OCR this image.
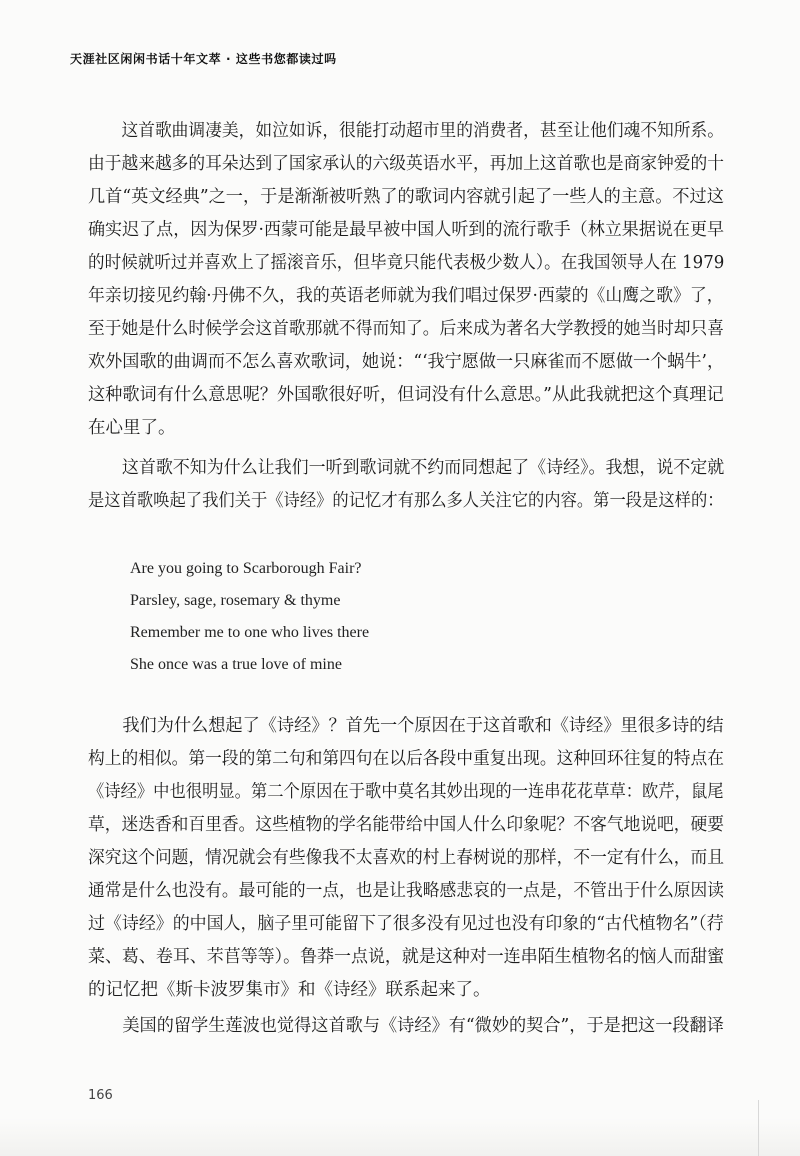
天涯社区闲闲书话十年文萃 · 这些书您都读过吗
　　这首歌曲调凄美，如泣如诉，很能打动超市里的消费者，甚至让他们魂不知所系。
由于越来越多的耳朵达到了国家承认的六级英语水平，再加上这首歌也是商家钟爱的十
几首“英文经典”之一，于是渐渐被听熟了的歌词内容就引起了一些人的主意。不过这
确实迟了点，因为保罗·西蒙可能是最早被中国人听到的流行歌手（林立果据说在更早
的时候就听过并喜欢上了摇滚音乐，但毕竟只能代表极少数人）。在我国领导人在 1979
年亲切接见约翰·丹佛不久，我的英语老师就为我们唱过保罗·西蒙的《山鹰之歌》了，
至于她是什么时候学会这首歌那就不得而知了。后来成为著名大学教授的她当时却只喜
欢外国歌的曲调而不怎么喜欢歌词，她说：“‘我宁愿做一只麻雀而不愿做一个蜗牛’，
这种歌词有什么意思呢？外国歌很好听，但词没有什么意思。”从此我就把这个真理记
在心里了。
　　这首歌不知为什么让我们一听到歌词就不约而同想起了《诗经》。我想，说不定就
是这首歌唤起了我们关于《诗经》的记忆才有那么多人关注它的内容。第一段是这样的：
Are you going to Scarborough Fair?
Parsley, sage, rosemary & thyme
Remember me to one who lives there
She once was a true love of mine
　　我们为什么想起了《诗经》？首先一个原因在于这首歌和《诗经》里很多诗的结
构上的相似。第一段的第二句和第四句在以后各段中重复出现。这种回环往复的特点在
《诗经》中也很明显。第二个原因在于歌中莫名其妙出现的一连串花花草草：欧芹，鼠尾
草，迷迭香和百里香。这些植物的学名能带给中国人什么印象呢？不客气地说吧，硬要
深究这个问题，情况就会有些像我不太喜欢的村上春树说的那样，不一定有什么，而且
通常是什么也没有。最可能的一点，也是让我略感悲哀的一点是，不管出于什么原因读
过《诗经》的中国人，脑子里可能留下了很多没有见过也没有印象的“古代植物名”（荇
菜、葛、卷耳、芣苢等等）。鲁莽一点说，就是这种对一连串陌生植物名的恼人而甜蜜
的记忆把《斯卡波罗集市》和《诗经》联系起来了。
　　美国的留学生莲波也觉得这首歌与《诗经》有“微妙的契合”，于是把这一段翻译
166
